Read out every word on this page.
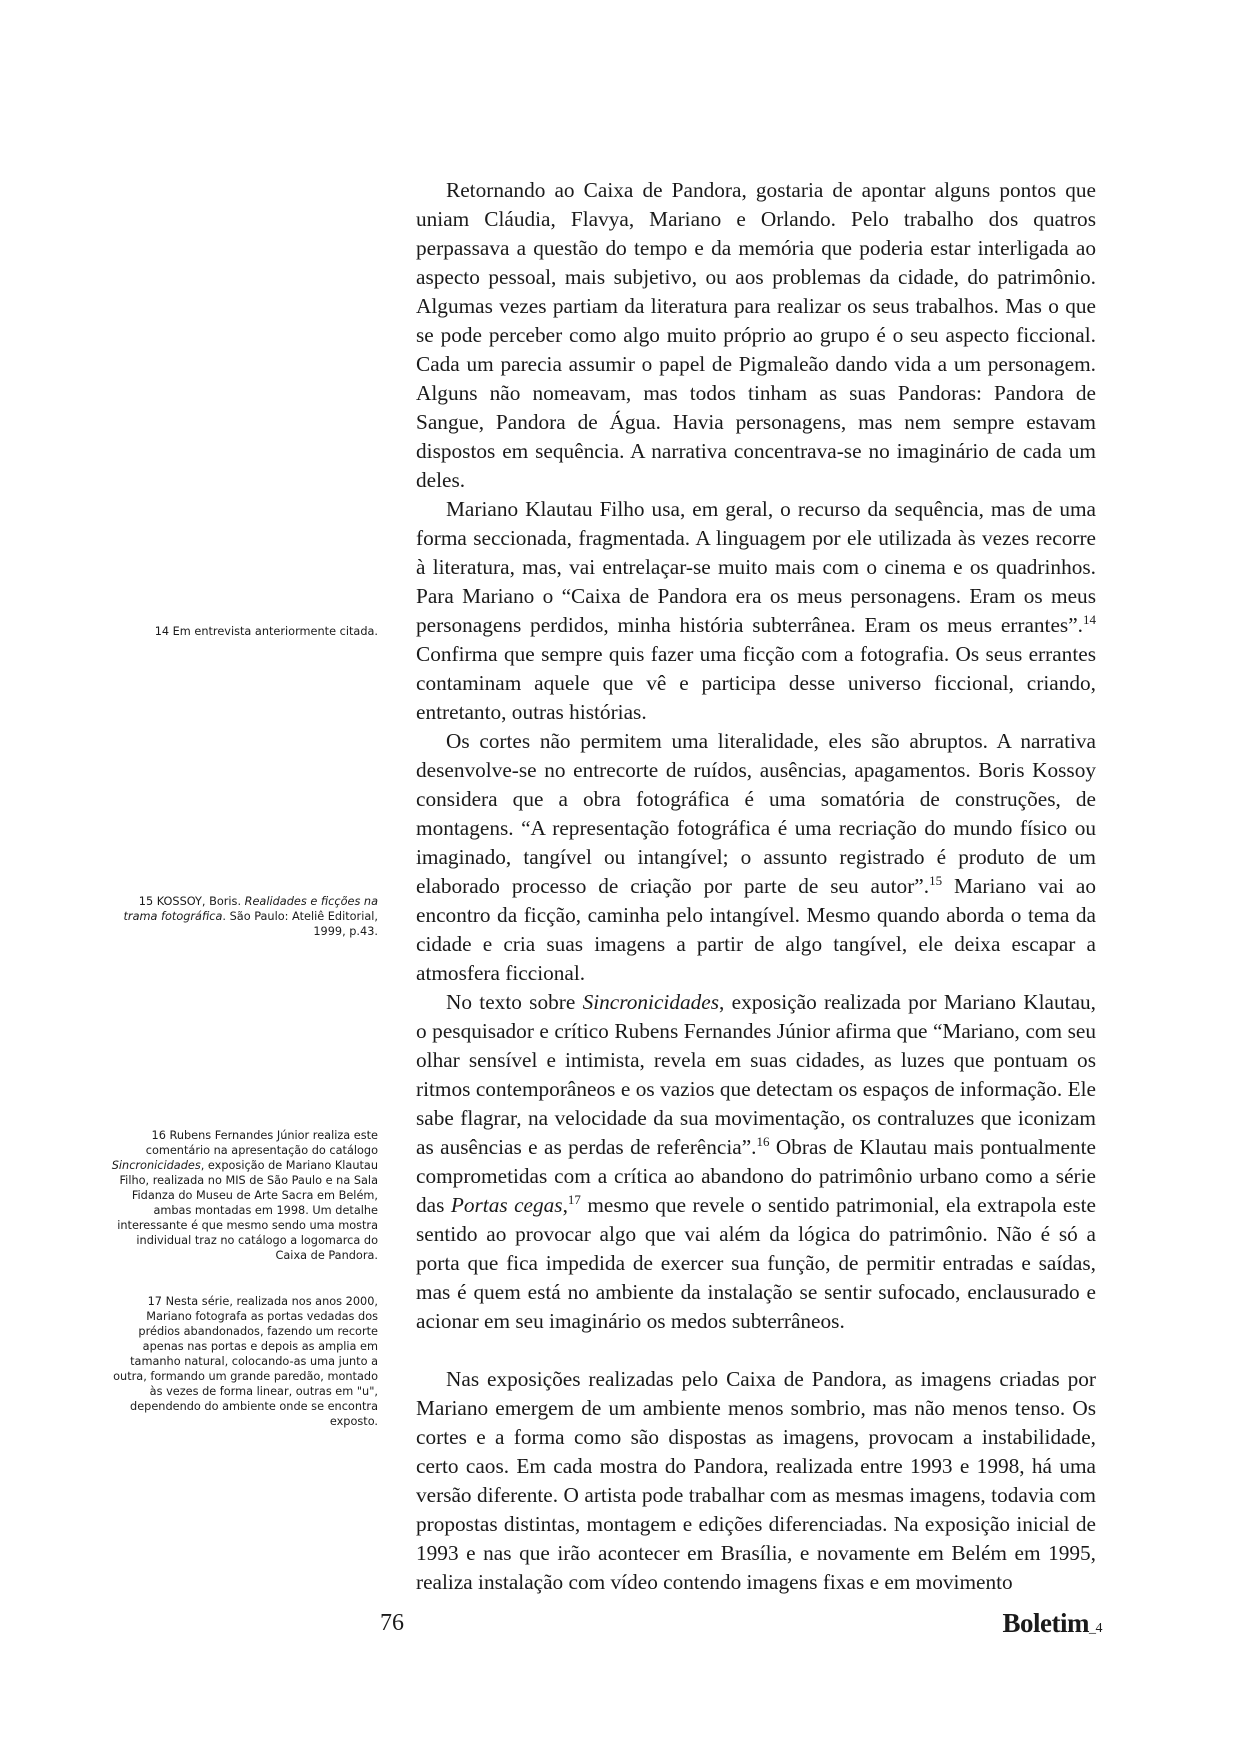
Retornando ao Caixa de Pandora, gostaria de apontar alguns pontos que uniam Cláudia, Flavya, Mariano e Orlando. Pelo trabalho dos quatros perpassava a questão do tempo e da memória que poderia estar interligada ao aspecto pessoal, mais subjetivo, ou aos problemas da cidade, do patrimônio. Algumas vezes partiam da literatura para realizar os seus trabalhos. Mas o que se pode perceber como algo muito próprio ao grupo é o seu aspecto ficcional. Cada um parecia assumir o papel de Pigmaleão dando vida a um personagem. Alguns não nomeavam, mas todos tinham as suas Pandoras: Pandora de Sangue, Pandora de Água. Havia personagens, mas nem sempre estavam dispostos em sequência. A narrativa concentrava-se no imaginário de cada um deles.

Mariano Klautau Filho usa, em geral, o recurso da sequência, mas de uma forma seccionada, fragmentada. A linguagem por ele utilizada às vezes recorre à literatura, mas, vai entrelaçar-se muito mais com o cinema e os quadrinhos. Para Mariano o “Caixa de Pandora era os meus personagens. Eram os meus personagens perdidos, minha história subterrânea. Eram os meus errantes”.$^{14}$ Confirma que sempre quis fazer uma ficção com a fotografia. Os seus errantes contaminam aquele que vê e participa desse universo ficcional, criando, entretanto, outras histórias.

Os cortes não permitem uma literalidade, eles são abruptos. A narrativa desenvolve-se no entrecorte de ruídos, ausências, apagamentos. Boris Kossoy considera que a obra fotográfica é uma somatória de construções, de montagens. “A representação fotográfica é uma recriação do mundo físico ou imaginado, tangível ou intangível; o assunto registrado é produto de um elaborado processo de criação por parte de seu autor”.$^{15}$ Mariano vai ao encontro da ficção, caminha pelo intangível. Mesmo quando aborda o tema da cidade e cria suas imagens a partir de algo tangível, ele deixa escapar a atmosfera ficcional.

No texto sobre Sincronicidades, exposição realizada por Mariano Klautau, o pesquisador e crítico Rubens Fernandes Júnior afirma que “Mariano, com seu olhar sensível e intimista, revela em suas cidades, as luzes que pontuam os ritmos contemporâneos e os vazios que detectam os espaços de informação. Ele sabe flagrar, na velocidade da sua movimentação, os contraluzes que iconizam as ausências e as perdas de referência”.$^{16}$ Obras de Klautau mais pontualmente comprometidas com a crítica ao abandono do patrimônio urbano como a série das Portas cegas,$^{17}$ mesmo que revele o sentido patrimonial, ela extrapola este sentido ao provocar algo que vai além da lógica do patrimônio. Não é só a porta que fica impedida de exercer sua função, de permitir entradas e saídas, mas é quem está no ambiente da instalação se sentir sufocado, enclausurado e acionar em seu imaginário os medos subterrâneos.

Nas exposições realizadas pelo Caixa de Pandora, as imagens criadas por Mariano emergem de um ambiente menos sombrio, mas não menos tenso. Os cortes e a forma como são dispostas as imagens, provocam a instabilidade, certo caos. Em cada mostra do Pandora, realizada entre 1993 e 1998, há uma versão diferente. O artista pode trabalhar com as mesmas imagens, todavia com propostas distintas, montagem e edições diferenciadas. Na exposição inicial de 1993 e nas que irão acontecer em Brasília, e novamente em Belém em 1995, realiza instalação com vídeo contendo imagens fixas e em movimento

14 Em entrevista anteriormente citada.
15 KOSSOY, Boris. Realidades e ficções na trama fotográfica. São Paulo: Ateliê Editorial, 1999, p.43.
16 Rubens Fernandes Júnior realiza este comentário na apresentação do catálogo Sincronicidades, exposição de Mariano Klautau Filho, realizada no MIS de São Paulo e na Sala Fidanza do Museu de Arte Sacra em Belém, ambas montadas em 1998. Um detalhe interessante é que mesmo sendo uma mostra individual traz no catálogo a logomarca do Caixa de Pandora.
17 Nesta série, realizada nos anos 2000, Mariano fotografa as portas vedadas dos prédios abandonados, fazendo um recorte apenas nas portas e depois as amplia em tamanho natural, colocando-as uma junto a outra, formando um grande paredão, montado às vezes de forma linear, outras em "u", dependendo do ambiente onde se encontra exposto.
76	Boletim_4
